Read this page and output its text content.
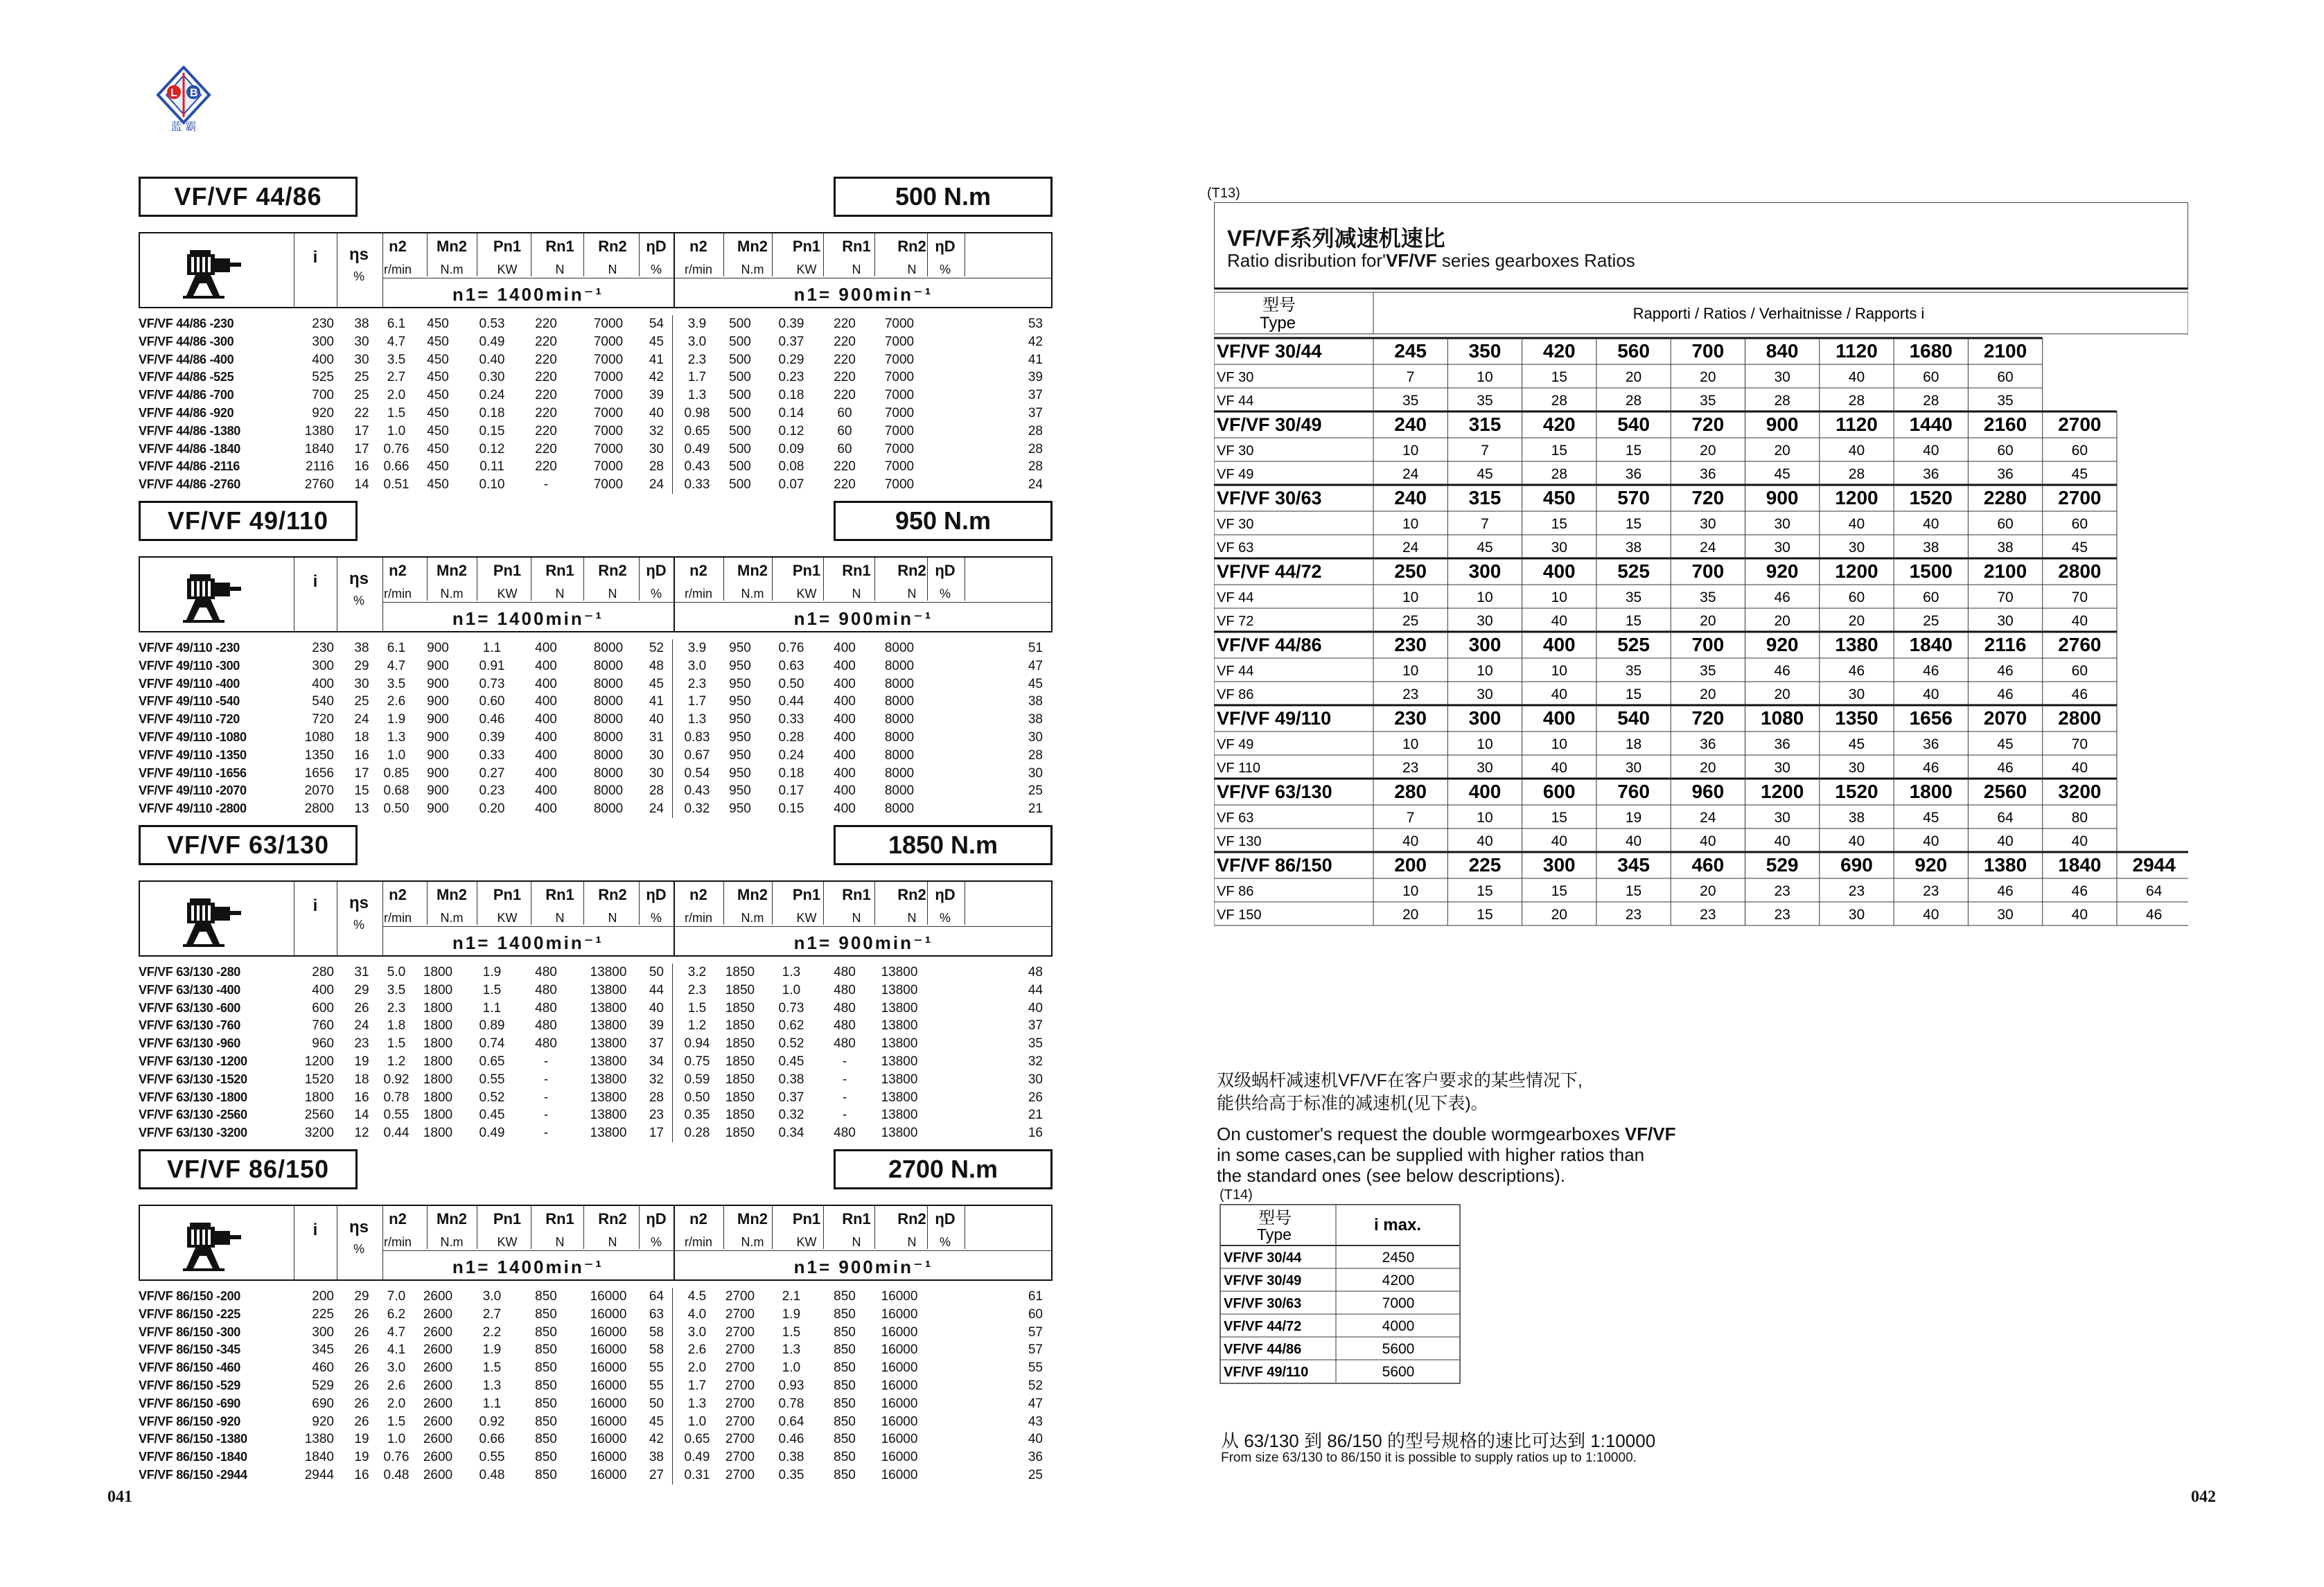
L B
蓝 霸
VF/VF 44/86	500 N.m
i	ηs
%
n2
r/min
Mn2
N.m
Pn1
KW
Rn1
N
Rn2
N
ηD
%
n2
r/min
Mn2
N.m
Pn1
KW
Rn1
N
Rn2
N
ηD
%
n1= 1400min⁻¹	n1= 900min⁻¹
VF/VF 44/86 -230	230	38	6.1	450	0.53	220	7000	54	3.9	500	0.39	220	7000	53
VF/VF 44/86 -300	300	30	4.7	450	0.49	220	7000	45	3.0	500	0.37	220	7000	42
VF/VF 44/86 -400	400	30	3.5	450	0.40	220	7000	41	2.3	500	0.29	220	7000	41
VF/VF 44/86 -525	525	25	2.7	450	0.30	220	7000	42	1.7	500	0.23	220	7000	39
VF/VF 44/86 -700	700	25	2.0	450	0.24	220	7000	39	1.3	500	0.18	220	7000	37
VF/VF 44/86 -920	920	22	1.5	450	0.18	220	7000	40	0.98	500	0.14	60	7000	37
VF/VF 44/86 -1380	1380	17	1.0	450	0.15	220	7000	32	0.65	500	0.12	60	7000	28
VF/VF 44/86 -1840	1840	17	0.76	450	0.12	220	7000	30	0.49	500	0.09	60	7000	28
VF/VF 44/86 -2116	2116	16	0.66	450	0.11	220	7000	28	0.43	500	0.08	220	7000	28
VF/VF 44/86 -2760	2760	14	0.51	450	0.10	-	7000	24	0.33	500	0.07	220	7000	24
VF/VF 49/110	950 N.m
i	ηs
%
n2
r/min
Mn2
N.m
Pn1
KW
Rn1
N
Rn2
N
ηD
%
n2
r/min
Mn2
N.m
Pn1
KW
Rn1
N
Rn2
N
ηD
%
n1= 1400min⁻¹	n1= 900min⁻¹
VF/VF 49/110 -230	230	38	6.1	900	1.1	400	8000	52	3.9	950	0.76	400	8000	51
VF/VF 49/110 -300	300	29	4.7	900	0.91	400	8000	48	3.0	950	0.63	400	8000	47
VF/VF 49/110 -400	400	30	3.5	900	0.73	400	8000	45	2.3	950	0.50	400	8000	45
VF/VF 49/110 -540	540	25	2.6	900	0.60	400	8000	41	1.7	950	0.44	400	8000	38
VF/VF 49/110 -720	720	24	1.9	900	0.46	400	8000	40	1.3	950	0.33	400	8000	38
VF/VF 49/110 -1080	1080	18	1.3	900	0.39	400	8000	31	0.83	950	0.28	400	8000	30
VF/VF 49/110 -1350	1350	16	1.0	900	0.33	400	8000	30	0.67	950	0.24	400	8000	28
VF/VF 49/110 -1656	1656	17	0.85	900	0.27	400	8000	30	0.54	950	0.18	400	8000	30
VF/VF 49/110 -2070	2070	15	0.68	900	0.23	400	8000	28	0.43	950	0.17	400	8000	25
VF/VF 49/110 -2800	2800	13	0.50	900	0.20	400	8000	24	0.32	950	0.15	400	8000	21
VF/VF 63/130	1850 N.m
i	ηs
%
n2
r/min
Mn2
N.m
Pn1
KW
Rn1
N
Rn2
N
ηD
%
n2
r/min
Mn2
N.m
Pn1
KW
Rn1
N
Rn2
N
ηD
%
n1= 1400min⁻¹	n1= 900min⁻¹
VF/VF 63/130 -280	280	31	5.0	1800	1.9	480	13800	50	3.2	1850	1.3	480	13800	48
VF/VF 63/130 -400	400	29	3.5	1800	1.5	480	13800	44	2.3	1850	1.0	480	13800	44
VF/VF 63/130 -600	600	26	2.3	1800	1.1	480	13800	40	1.5	1850	0.73	480	13800	40
VF/VF 63/130 -760	760	24	1.8	1800	0.89	480	13800	39	1.2	1850	0.62	480	13800	37
VF/VF 63/130 -960	960	23	1.5	1800	0.74	480	13800	37	0.94	1850	0.52	480	13800	35
VF/VF 63/130 -1200	1200	19	1.2	1800	0.65	-	13800	34	0.75	1850	0.45	-	13800	32
VF/VF 63/130 -1520	1520	18	0.92	1800	0.55	-	13800	32	0.59	1850	0.38	-	13800	30
VF/VF 63/130 -1800	1800	16	0.78	1800	0.52	-	13800	28	0.50	1850	0.37	-	13800	26
VF/VF 63/130 -2560	2560	14	0.55	1800	0.45	-	13800	23	0.35	1850	0.32	-	13800	21
VF/VF 63/130 -3200	3200	12	0.44	1800	0.49	-	13800	17	0.28	1850	0.34	480	13800	16
VF/VF 86/150	2700 N.m
i	ηs
%
n2
r/min
Mn2
N.m
Pn1
KW
Rn1
N
Rn2
N
ηD
%
n2
r/min
Mn2
N.m
Pn1
KW
Rn1
N
Rn2
N
ηD
%
n1= 1400min⁻¹	n1= 900min⁻¹
VF/VF 86/150 -200	200	29	7.0	2600	3.0	850	16000	64	4.5	2700	2.1	850	16000	61
VF/VF 86/150 -225	225	26	6.2	2600	2.7	850	16000	63	4.0	2700	1.9	850	16000	60
VF/VF 86/150 -300	300	26	4.7	2600	2.2	850	16000	58	3.0	2700	1.5	850	16000	57
VF/VF 86/150 -345	345	26	4.1	2600	1.9	850	16000	58	2.6	2700	1.3	850	16000	57
VF/VF 86/150 -460	460	26	3.0	2600	1.5	850	16000	55	2.0	2700	1.0	850	16000	55
VF/VF 86/150 -529	529	26	2.6	2600	1.3	850	16000	55	1.7	2700	0.93	850	16000	52
VF/VF 86/150 -690	690	26	2.0	2600	1.1	850	16000	50	1.3	2700	0.78	850	16000	47
VF/VF 86/150 -920	920	26	1.5	2600	0.92	850	16000	45	1.0	2700	0.64	850	16000	43
VF/VF 86/150 -1380	1380	19	1.0	2600	0.66	850	16000	42	0.65	2700	0.46	850	16000	40
VF/VF 86/150 -1840	1840	19	0.76	2600	0.55	850	16000	38	0.49	2700	0.38	850	16000	36
VF/VF 86/150 -2944	2944	16	0.48	2600	0.48	850	16000	27	0.31	2700	0.35	850	16000	25
041	042
(T13)
VF/VF系列减速机速比
Ratio disribution for'VF/VF series gearboxes Ratios
型号
Type
Rapporti / Ratios / Verhaitnisse / Rapports i
VF/VF 30/44	245 350 420 560 700 840 1120 1680 2100
VF 30	7	10	15	20	20	30	40	60	60
VF 44	35	35	28	28	35	28	28	28	35
VF/VF 30/49	240 315 420 540 720 900 1120 1440 2160 2700
VF 30	10	7	15	15	20	20	40	40	60	60
VF 49	24	45	28	36	36	45	28	36	36	45
VF/VF 30/63	240 315 450 570 720 900 1200 1520 2280 2700
VF 30	10	7	15	15	30	30	40	40	60	60
VF 63	24	45	30	38	24	30	30	38	38	45
VF/VF 44/72	250 300 400 525 700 920 1200 1500 2100 2800
VF 44	10	10	10	35	35	46	60	60	70	70
VF 72	25	30	40	15	20	20	20	25	30	40
VF/VF 44/86	230 300 400 525 700 920 1380 1840 2116 2760
VF 44	10	10	10	35	35	46	46	46	46	60
VF 86	23	30	40	15	20	20	30	40	46	46
VF/VF 49/110	230 300 400 540 720 1080 1350 1656 2070 2800
VF 49	10	10	10	18	36	36	45	36	45	70
VF 110	23	30	40	30	20	30	30	46	46	40
VF/VF 63/130	280 400 600 760 960 1200 1520 1800 2560 3200
VF 63	7	10	15	19	24	30	38	45	64	80
VF 130	40	40	40	40	40	40	40	40	40	40
VF/VF 86/150	200 225 300 345 460 529 690 920 1380 1840 2944
VF 86	10	15	15	15	20	23	23	23	46	46	64
VF 150	20	15	20	23	23	23	30	40	30	40	46
双级蜗杆减速机VF/VF在客户要求的某些情况下,
能供给高于标准的减速机(见下表)。
On customer's request the double wormgearboxes VF/VF
in some cases,can be supplied with higher ratios than
the standard ones (see below descriptions).
(T14)
型号
Type	i max.
VF/VF 30/44	2450
VF/VF 30/49	4200
VF/VF 30/63	7000
VF/VF 44/72	4000
VF/VF 44/86	5600
VF/VF 49/110	5600
从 63/130 到 86/150 的型号规格的速比可达到 1:10000
From size 63/130 to 86/150 it is possible to supply ratios up to 1:10000.
